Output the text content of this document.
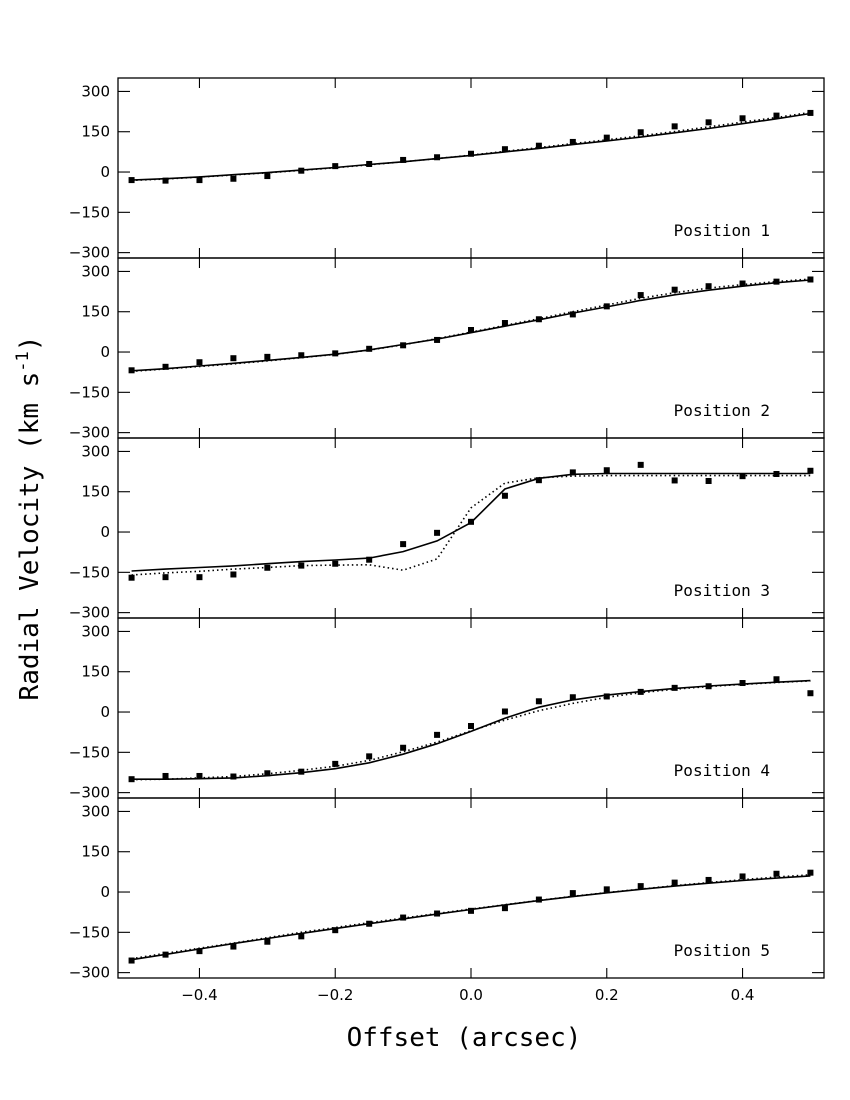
300
150
0
−150
−300
Position 1
300
150
0
−150
−300
Position 2
300
150
0
−150
−300
Position 3
300
150
0
−150
−300
Position 4
300
150
0
−150
−300
Position 5
−0.4	−0.2	0.0	0.2	0.4
Radial Velocity (km $s^{-1}$)
Offset (arcsec)
